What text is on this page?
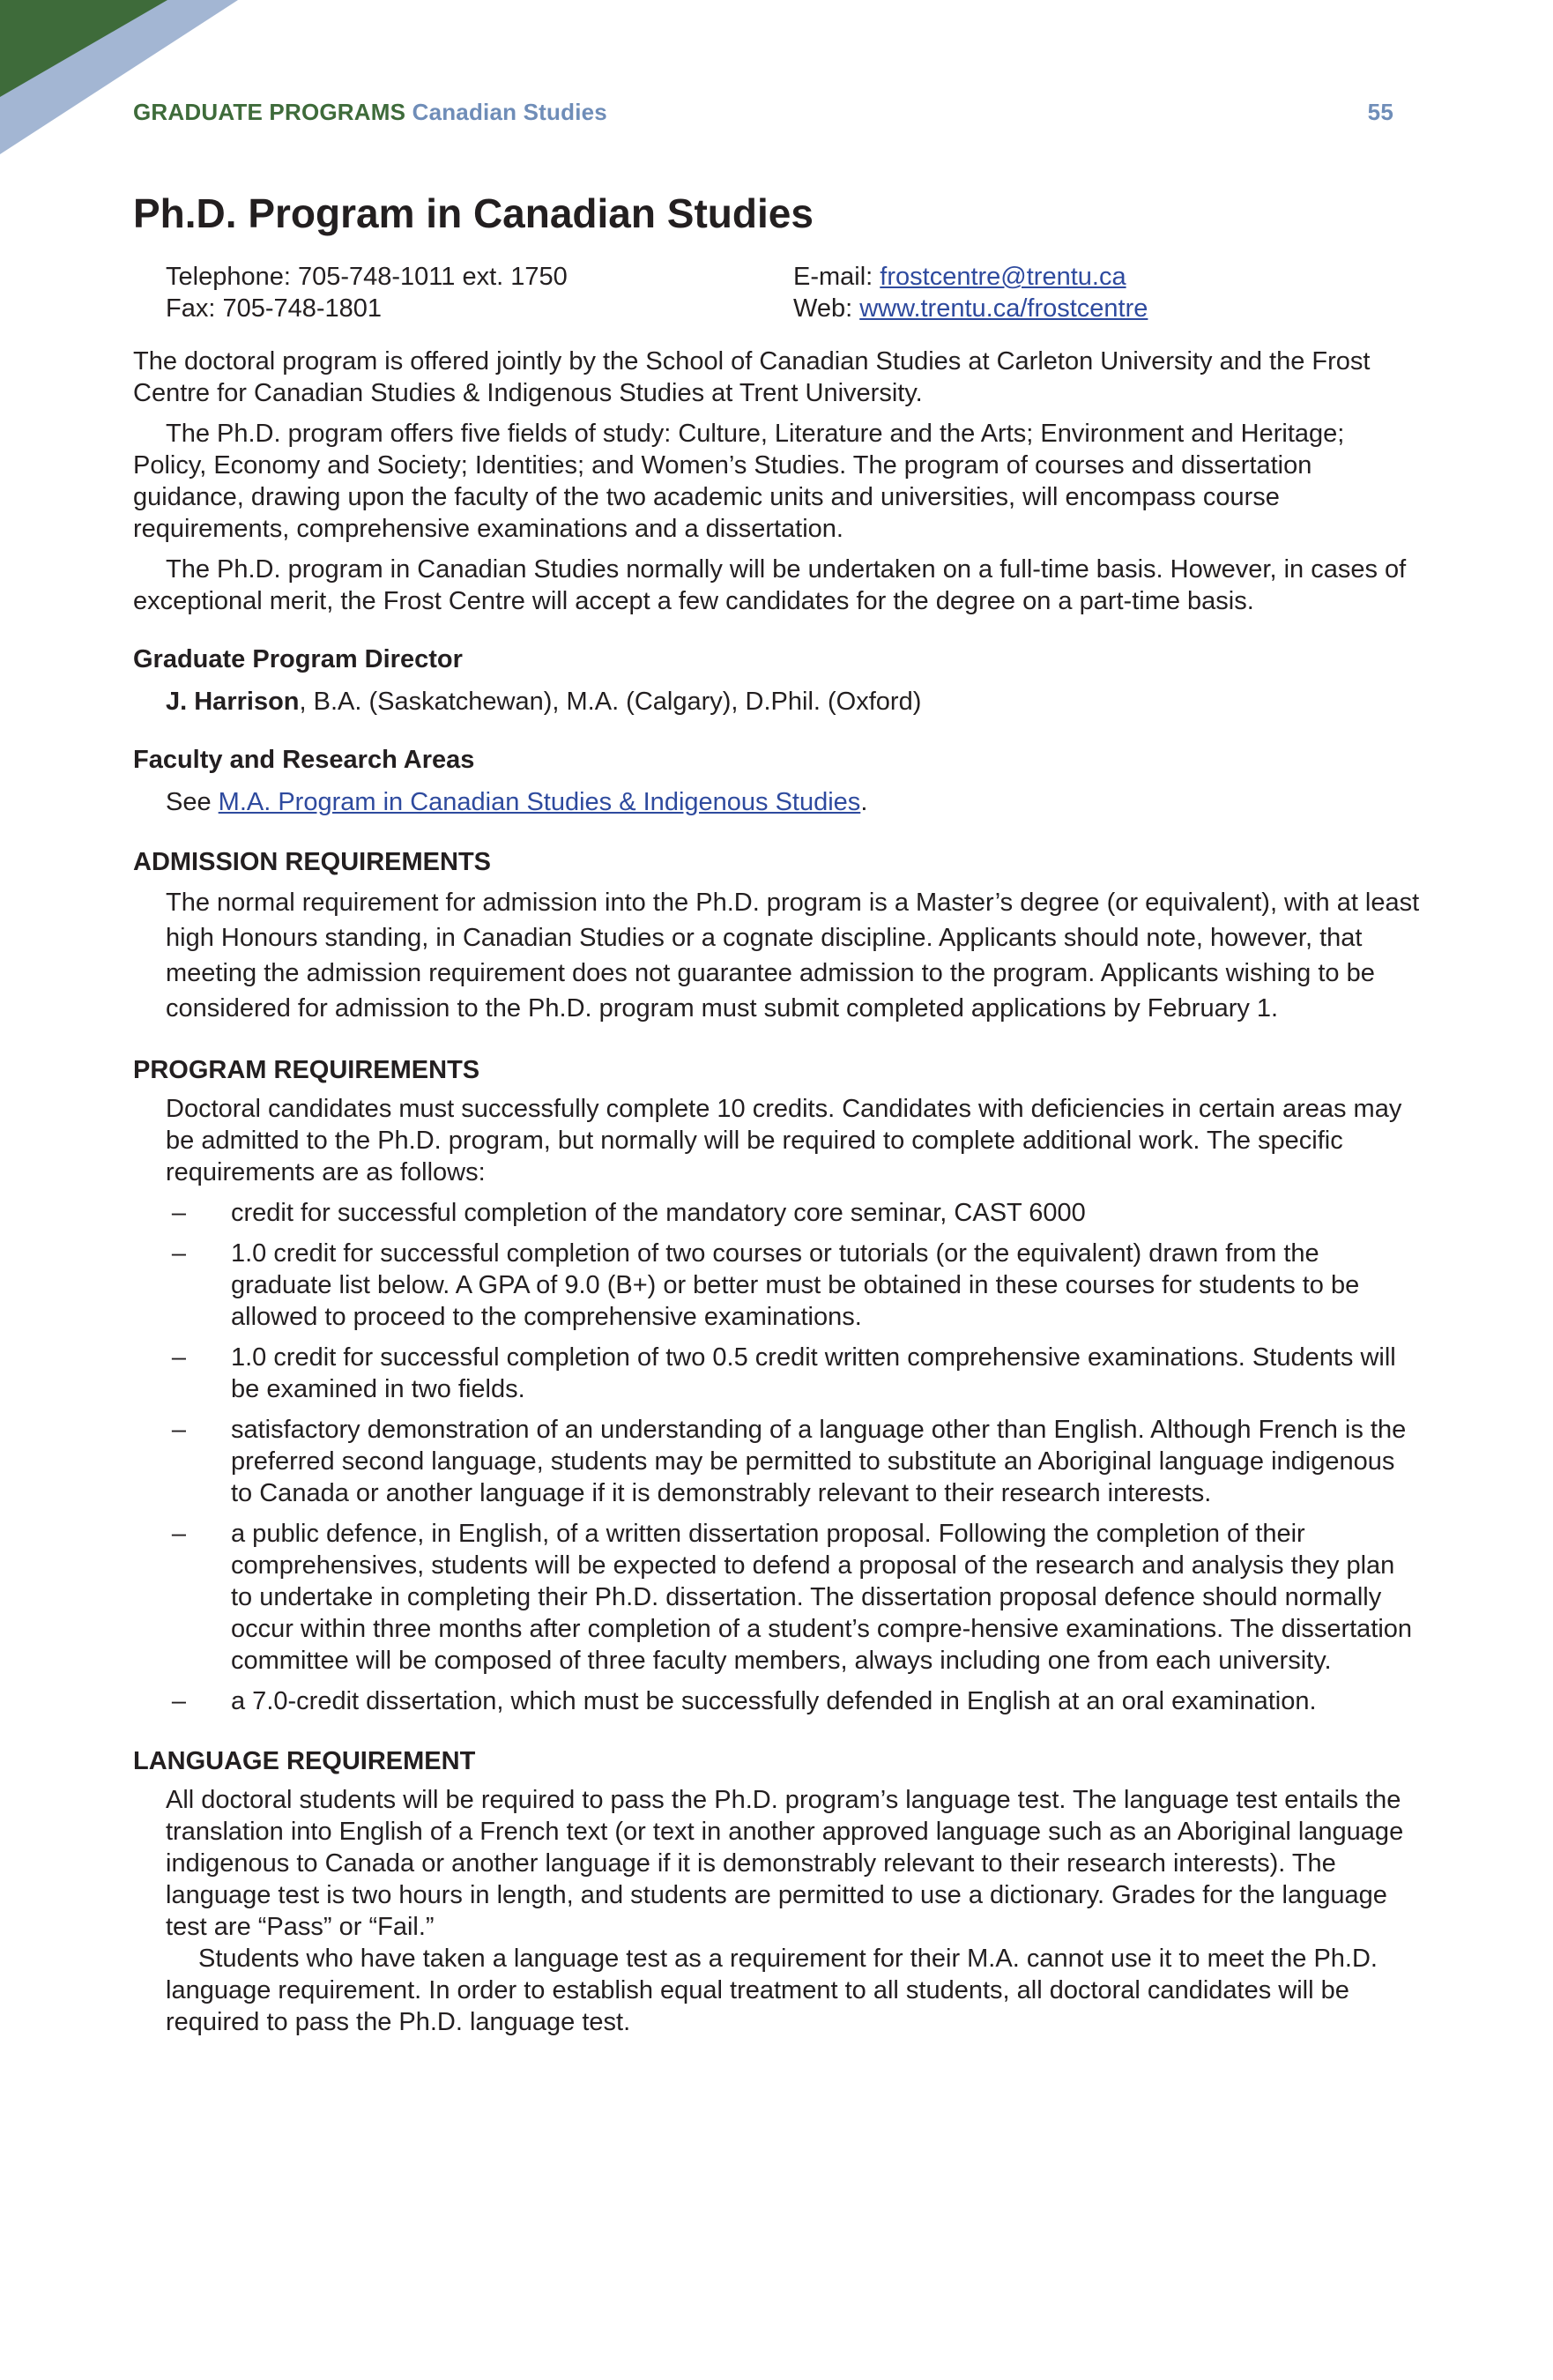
GRADUATE PROGRAMS Canadian Studies	55
Ph.D. Program in Canadian Studies
Telephone: 705-748-1011 ext. 1750	E-mail: frostcentre@trentu.ca
Fax: 705-748-1801	Web: www.trentu.ca/frostcentre

The doctoral program is offered jointly by the School of Canadian Studies at Carleton University and the Frost Centre for Canadian Studies & Indigenous Studies at Trent University.

The Ph.D. program offers five fields of study: Culture, Literature and the Arts; Environment and Heritage; Policy, Economy and Society; Identities; and Women’s Studies. The program of courses and dissertation guidance, drawing upon the faculty of the two academic units and universities, will encompass course requirements, comprehensive examinations and a dissertation.

The Ph.D. program in Canadian Studies normally will be undertaken on a full-time basis. However, in cases of exceptional merit, the Frost Centre will accept a few candidates for the degree on a part-time basis.

Graduate Program Director
J. Harrison, B.A. (Saskatchewan), M.A. (Calgary), D.Phil. (Oxford)
Faculty and Research Areas
See M.A. Program in Canadian Studies & Indigenous Studies.
ADMISSION REQUIREMENTS

The normal requirement for admission into the Ph.D. program is a Master’s degree (or equivalent), with at least high Honours standing, in Canadian Studies or a cognate discipline. Applicants should note, however, that meeting the admission requirement does not guarantee admission to the program. Applicants wishing to be considered for admission to the Ph.D. program must submit completed applications by February 1.

PROGRAM REQUIREMENTS

Doctoral candidates must successfully complete 10 credits. Candidates with deficiencies in certain areas may be admitted to the Ph.D. program, but normally will be required to complete additional work. The specific requirements are as follows:

– credit for successful completion of the mandatory core seminar, CAST 6000
– 1.0 credit for successful completion of two courses or tutorials (or the equivalent) drawn from the graduate list below. A GPA of 9.0 (B+) or better must be obtained in these courses for students to be allowed to proceed to the comprehensive examinations.
– 1.0 credit for successful completion of two 0.5 credit written comprehensive examinations. Students will be examined in two fields.
– satisfactory demonstration of an understanding of a language other than English. Although French is the preferred second language, students may be permitted to substitute an Aboriginal language indigenous to Canada or another language if it is demonstrably relevant to their research interests.
– a public defence, in English, of a written dissertation proposal. Following the completion of their comprehensives, students will be expected to defend a proposal of the research and analysis they plan to undertake in completing their Ph.D. dissertation. The dissertation proposal defence should normally occur within three months after completion of a student’s compre-hensive examinations. The dissertation committee will be composed of three faculty members, always including one from each university.
– a 7.0-credit dissertation, which must be successfully defended in English at an oral examination.
LANGUAGE REQUIREMENT

All doctoral students will be required to pass the Ph.D. program’s language test. The language test entails the translation into English of a French text (or text in another approved language such as an Aboriginal language indigenous to Canada or another language if it is demonstrably relevant to their research interests). The language test is two hours in length, and students are permitted to use a dictionary. Grades for the language test are “Pass” or “Fail.”

Students who have taken a language test as a requirement for their M.A. cannot use it to meet the Ph.D. language requirement. In order to establish equal treatment to all students, all doctoral candidates will be required to pass the Ph.D. language test.
